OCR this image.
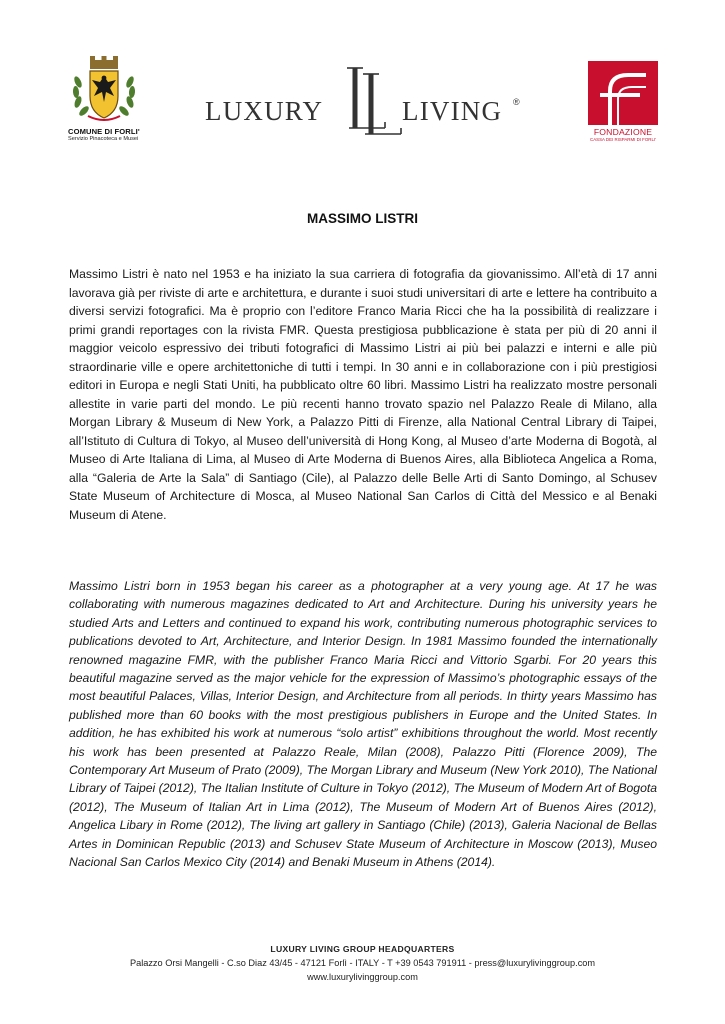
COMUNE DI FORLI'
Servizio Pinacoteca e Musei
LUXURY	LIVING ®
FONDAZIONE
CASSA DEI RISPARMI DI FORLI'
MASSIMO LISTRI

Massimo Listri è nato nel 1953 e ha iniziato la sua carriera di fotografia da giovanissimo. All’età di 17 anni lavorava già per riviste di arte e architettura, e durante i suoi studi universitari di arte e lettere ha contribuito a diversi servizi fotografici. Ma è proprio con l’editore Franco Maria Ricci che ha la possibilità di realizzare i primi grandi reportages con la rivista FMR. Questa prestigiosa pubblicazione è stata per più di 20 anni il maggior veicolo espressivo dei tributi fotografici di Massimo Listri ai più bei palazzi e interni e alle più straordinarie ville e opere architettoniche di tutti i tempi. In 30 anni e in collaborazione con i più prestigiosi editori in Europa e negli Stati Uniti, ha pubblicato oltre 60 libri. Massimo Listri ha realizzato mostre personali allestite in varie parti del mondo. Le più recenti hanno trovato spazio nel Palazzo Reale di Milano, alla Morgan Library & Museum di New York, a Palazzo Pitti di Firenze, alla National Central Library di Taipei, all’Istituto di Cultura di Tokyo, al Museo dell’università di Hong Kong, al Museo d’arte Moderna di Bogotà, al Museo di Arte Italiana di Lima, al Museo di Arte Moderna di Buenos Aires, alla Biblioteca Angelica a Roma, alla “Galeria de Arte la Sala” di Santiago (Cile), al Palazzo delle Belle Arti di Santo Domingo, al Schusev State Museum of Architecture di Mosca, al Museo National San Carlos di Città del Messico e al Benaki Museum di Atene.

Massimo Listri born in 1953 began his career as a photographer at a very young age. At 17 he was collaborating with numerous magazines dedicated to Art and Architecture. During his university years he studied Arts and Letters and continued to expand his work, contributing numerous photographic services to publications devoted to Art, Architecture, and Interior Design. In 1981 Massimo founded the internationally renowned magazine FMR, with the publisher Franco Maria Ricci and Vittorio Sgarbi. For 20 years this beautiful magazine served as the major vehicle for the expression of Massimo’s photographic essays of the most beautiful Palaces, Villas, Interior Design, and Architecture from all periods. In thirty years Massimo has published more than 60 books with the most prestigious publishers in Europe and the United States. In addition, he has exhibited his work at numerous “solo artist” exhibitions throughout the world. Most recently his work has been presented at Palazzo Reale, Milan (2008), Palazzo Pitti (Florence 2009), The Contemporary Art Museum of Prato (2009), The Morgan Library and Museum (New York 2010), The National Library of Taipei (2012), The Italian Institute of Culture in Tokyo (2012), The Museum of Modern Art of Bogota (2012), The Museum of Italian Art in Lima (2012), The Museum of Modern Art of Buenos Aires (2012), Angelica Libary in Rome (2012), The living art gallery in Santiago (Chile) (2013), Galeria Nacional de Bellas Artes in Dominican Republic (2013) and Schusev State Museum of Architecture in Moscow (2013), Museo Nacional San Carlos Mexico City (2014) and Benaki Museum in Athens (2014).

LUXURY LIVING GROUP HEADQUARTERS
Palazzo Orsi Mangelli - C.so Diaz 43/45 - 47121 Forlì - ITALY - T +39 0543 791911 - press@luxurylivinggroup.com
www.luxurylivinggroup.com
